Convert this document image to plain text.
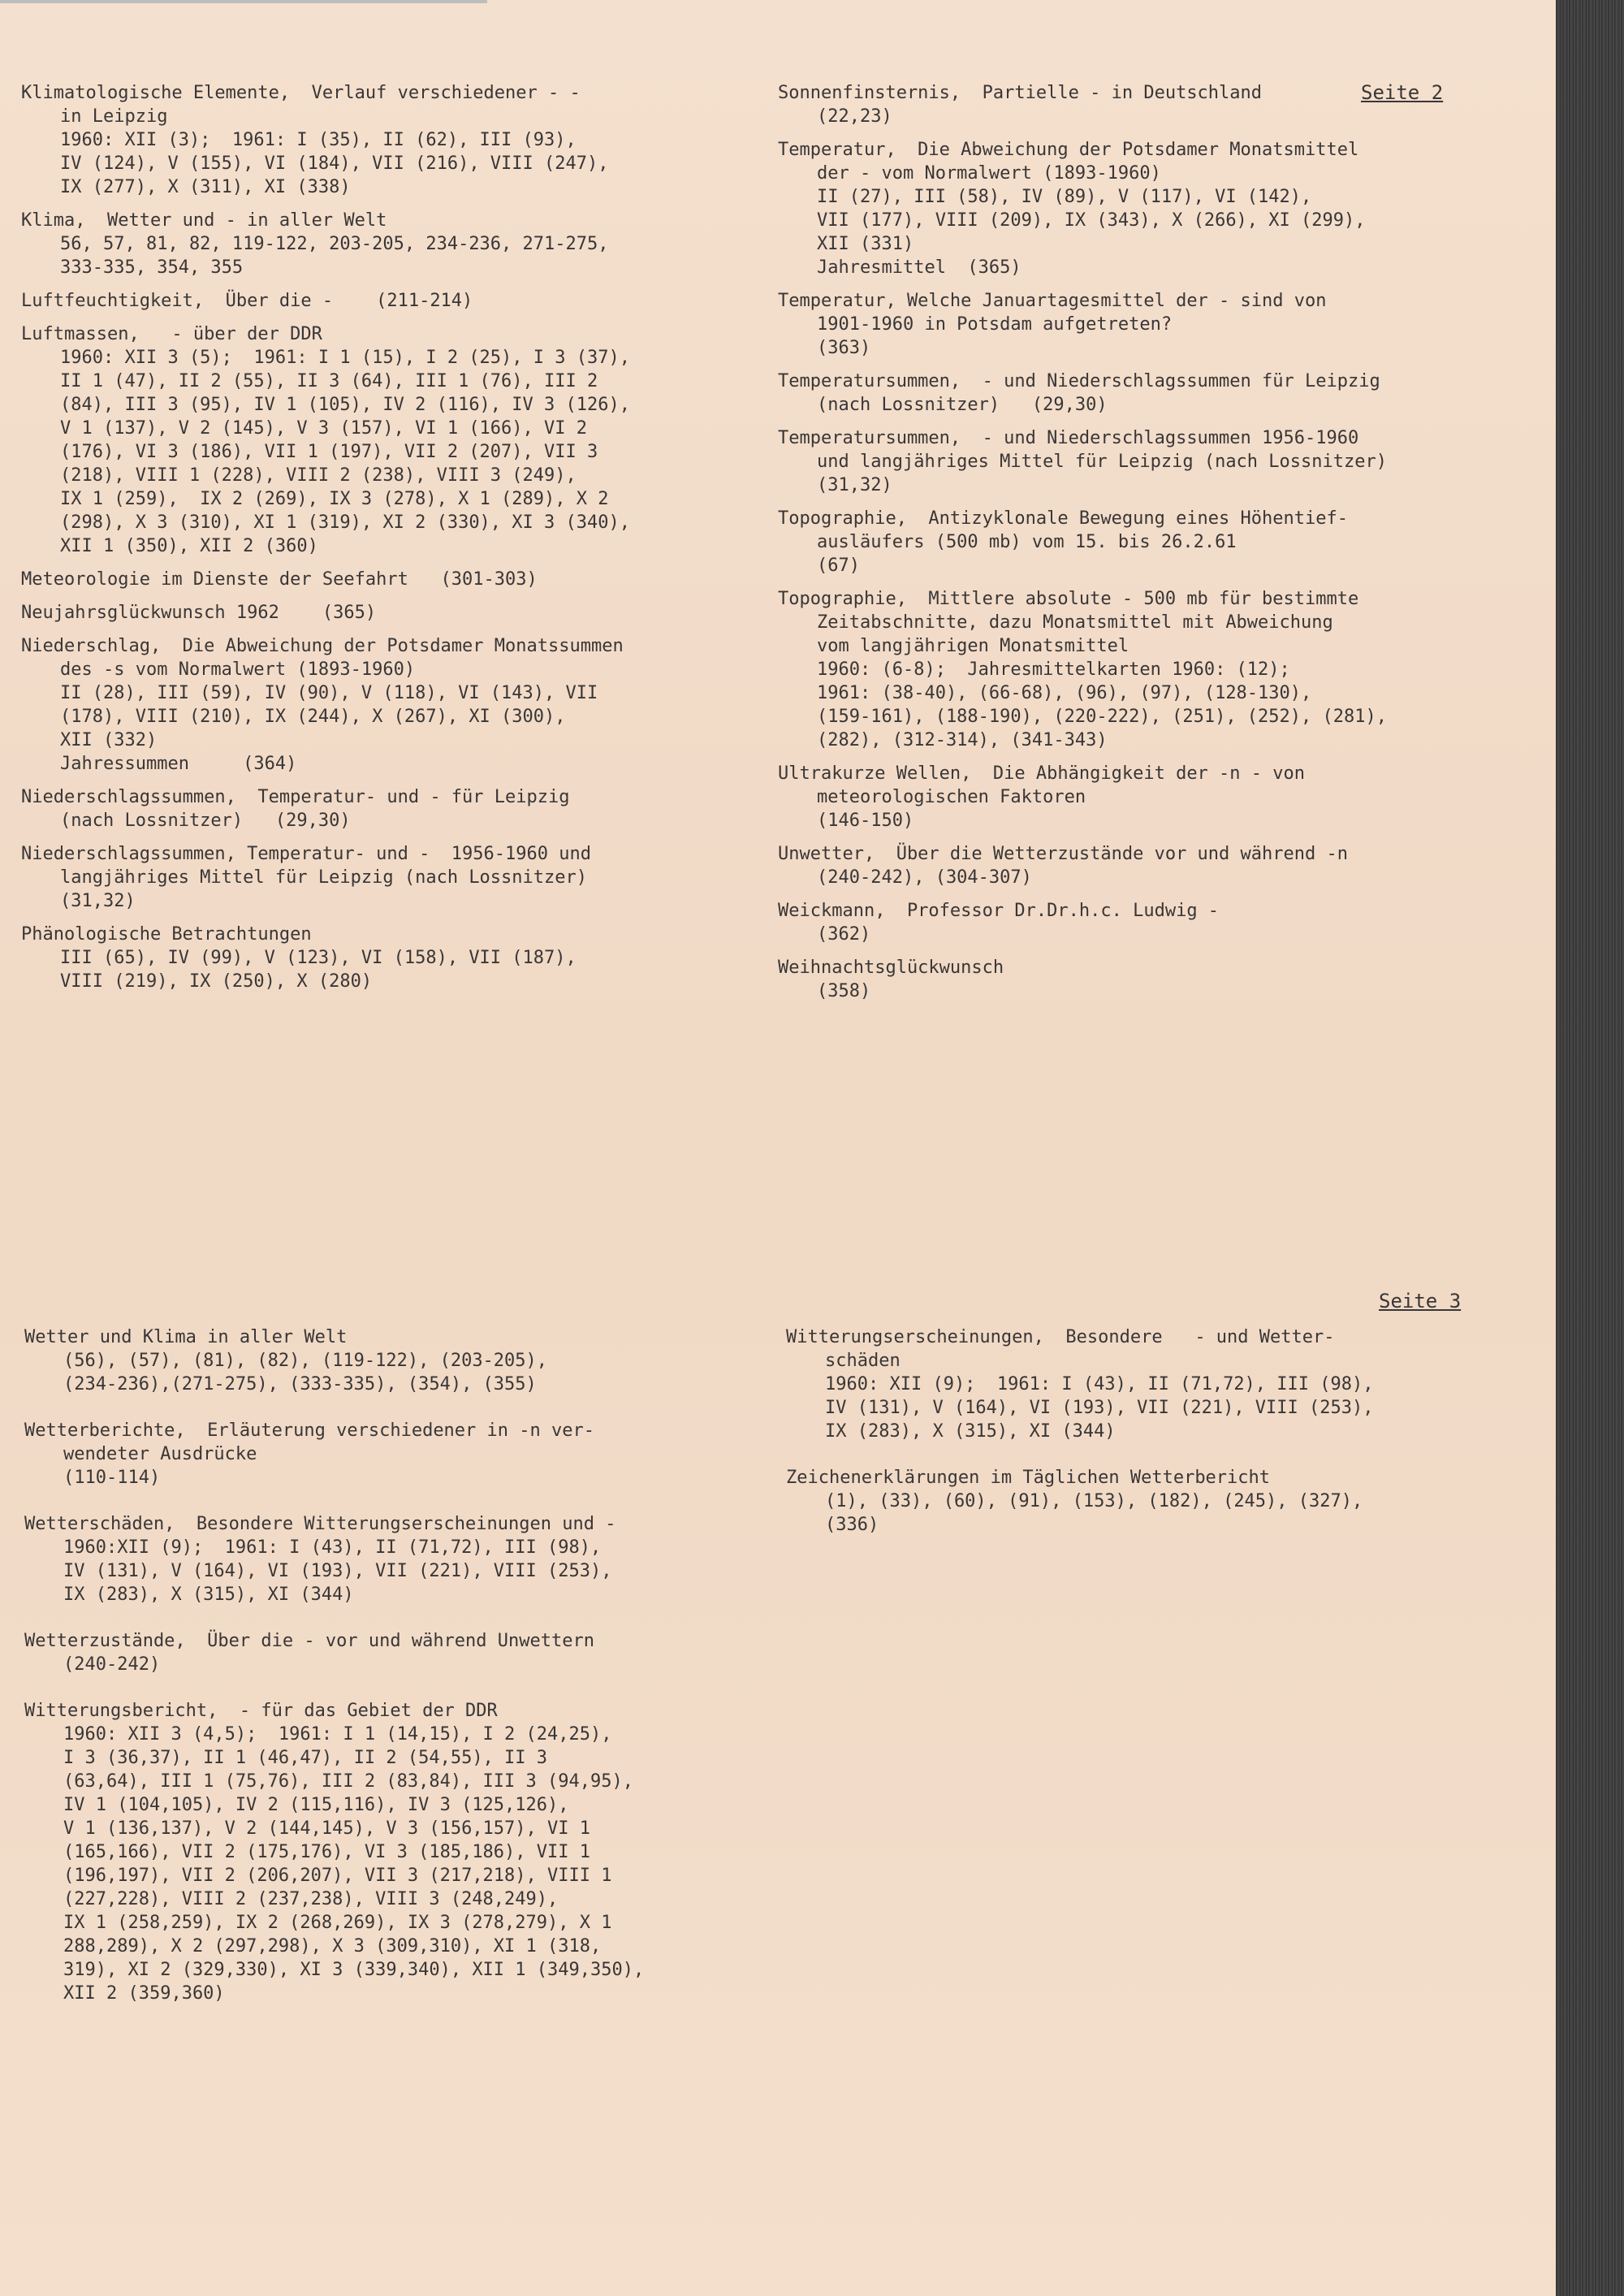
Seite 2
Seite 3
Klimatologische Elemente,  Verlauf verschiedener - -
in Leipzig
1960: XII (3);  1961: I (35), II (62), III (93),
IV (124), V (155), VI (184), VII (216), VIII (247),
IX (277), X (311), XI (338)
Klima,  Wetter und - in aller Welt
56, 57, 81, 82, 119-122, 203-205, 234-236, 271-275,
333-335, 354, 355
Luftfeuchtigkeit,  Über die -    (211-214)
Luftmassen,   - über der DDR
1960: XII 3 (5);  1961: I 1 (15), I 2 (25), I 3 (37),
II 1 (47), II 2 (55), II 3 (64), III 1 (76), III 2
(84), III 3 (95), IV 1 (105), IV 2 (116), IV 3 (126),
V 1 (137), V 2 (145), V 3 (157), VI 1 (166), VI 2
(176), VI 3 (186), VII 1 (197), VII 2 (207), VII 3
(218), VIII 1 (228), VIII 2 (238), VIII 3 (249),
IX 1 (259),  IX 2 (269), IX 3 (278), X 1 (289), X 2
(298), X 3 (310), XI 1 (319), XI 2 (330), XI 3 (340),
XII 1 (350), XII 2 (360)
Meteorologie im Dienste der Seefahrt   (301-303)
Neujahrsglückwunsch 1962    (365)
Niederschlag,  Die Abweichung der Potsdamer Monatssummen
des -s vom Normalwert (1893-1960)
II (28), III (59), IV (90), V (118), VI (143), VII
(178), VIII (210), IX (244), X (267), XI (300),
XII (332)
Jahressummen     (364)
Niederschlagssummen,  Temperatur- und - für Leipzig
(nach Lossnitzer)   (29,30)
Niederschlagssummen, Temperatur- und -  1956-1960 und
langjähriges Mittel für Leipzig (nach Lossnitzer)
(31,32)
Phänologische Betrachtungen
III (65), IV (99), V (123), VI (158), VII (187),
VIII (219), IX (250), X (280)
Sonnenfinsternis,  Partielle - in Deutschland
(22,23)
Temperatur,  Die Abweichung der Potsdamer Monatsmittel
der - vom Normalwert (1893-1960)
II (27), III (58), IV (89), V (117), VI (142),
VII (177), VIII (209), IX (343), X (266), XI (299),
XII (331)
Jahresmittel  (365)
Temperatur, Welche Januartagesmittel der - sind von
1901-1960 in Potsdam aufgetreten?
(363)
Temperatursummen,  - und Niederschlagssummen für Leipzig
(nach Lossnitzer)   (29,30)
Temperatursummen,  - und Niederschlagssummen 1956-1960
und langjähriges Mittel für Leipzig (nach Lossnitzer)
(31,32)
Topographie,  Antizyklonale Bewegung eines Höhentief-
ausläufers (500 mb) vom 15. bis 26.2.61
(67)
Topographie,  Mittlere absolute - 500 mb für bestimmte
Zeitabschnitte, dazu Monatsmittel mit Abweichung
vom langjährigen Monatsmittel
1960: (6-8);  Jahresmittelkarten 1960: (12);
1961: (38-40), (66-68), (96), (97), (128-130),
(159-161), (188-190), (220-222), (251), (252), (281),
(282), (312-314), (341-343)
Ultrakurze Wellen,  Die Abhängigkeit der -n - von
meteorologischen Faktoren
(146-150)
Unwetter,  Über die Wetterzustände vor und während -n
(240-242), (304-307)
Weickmann,  Professor Dr.Dr.h.c. Ludwig -
(362)
Weihnachtsglückwunsch
(358)
Wetter und Klima in aller Welt
(56), (57), (81), (82), (119-122), (203-205),
(234-236),(271-275), (333-335), (354), (355)
Wetterberichte,  Erläuterung verschiedener in -n ver-
wendeter Ausdrücke
(110-114)
Wetterschäden,  Besondere Witterungserscheinungen und -
1960:XII (9);  1961: I (43), II (71,72), III (98),
IV (131), V (164), VI (193), VII (221), VIII (253),
IX (283), X (315), XI (344)
Wetterzustände,  Über die - vor und während Unwettern
(240-242)
Witterungsbericht,  - für das Gebiet der DDR
1960: XII 3 (4,5);  1961: I 1 (14,15), I 2 (24,25),
I 3 (36,37), II 1 (46,47), II 2 (54,55), II 3
(63,64), III 1 (75,76), III 2 (83,84), III 3 (94,95),
IV 1 (104,105), IV 2 (115,116), IV 3 (125,126),
V 1 (136,137), V 2 (144,145), V 3 (156,157), VI 1
(165,166), VII 2 (175,176), VI 3 (185,186), VII 1
(196,197), VII 2 (206,207), VII 3 (217,218), VIII 1
(227,228), VIII 2 (237,238), VIII 3 (248,249),
IX 1 (258,259), IX 2 (268,269), IX 3 (278,279), X 1
288,289), X 2 (297,298), X 3 (309,310), XI 1 (318,
319), XI 2 (329,330), XI 3 (339,340), XII 1 (349,350),
XII 2 (359,360)
Witterungserscheinungen,  Besondere   - und Wetter-
schäden
1960: XII (9);  1961: I (43), II (71,72), III (98),
IV (131), V (164), VI (193), VII (221), VIII (253),
IX (283), X (315), XI (344)
Zeichenerklärungen im Täglichen Wetterbericht
(1), (33), (60), (91), (153), (182), (245), (327),
(336)
